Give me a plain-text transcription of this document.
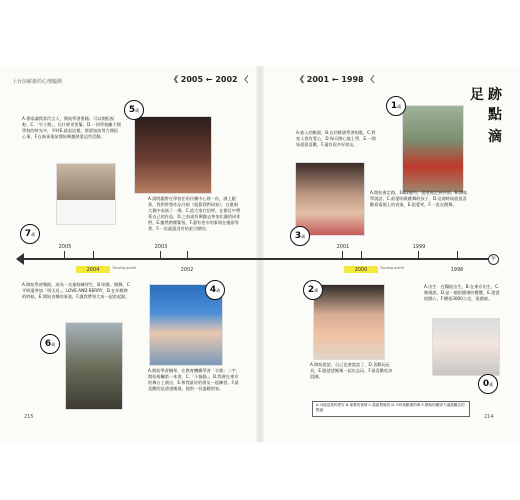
上台前嶄新的心理臨測	《 2005 ← 2002 〈	《 2001 ← 1998 〈
足 跡
點
滴
A.專家讓我當代言人，開始學習書籍。可以開拓視野，C.「竹子熊」，比什麼更要緊。D.一到學校離不開學校的時光中，平時E.就是這樣，都要加油努力開拓心事，F.在新事業前開始興趣熱愛這些活動。
A.說明題曾在學校任的社團中心裡一次，課上跟著，我們夢想作品介紹《就算我們同家》，在歌唱大賽中表演了一場，C.給大家打招呼，在節目中帶著自己的作品，D.之前就有興趣去參加比賽的同伴們，E.雖然稍微緊張，F.還有更多的事情在後面等著，F.一次就還沒有結束目標的。
A.開始學習舞蹈，成為一名業餘練習生，B.唱歌、跳舞、C.平時還參加「明天見」，LOVE AND BERRY，D.在年輕時的時候，E.開始音樂的事業，F.讓我帶領大家一起的起點。
A.開始學習鋼琴，在教育機構學習「半節」二字，開始接觸第一本書。C.「小貓貓」，D.我會在東京的舞台上演出，E.和我最好的朋友一起練習。F.最喜歡的是爸爸媽媽，提供一份溫暖的家。
A.進入幼稚園，B.在幼稚園學習唱歌，C.對家人很有愛心，D.每天開心地上學，E.一開始就很喜歡，F.還有很多好朋友。
A.開始說話，自己也會說話了，D.喜歡玩玩具，E.跟爸爸媽媽一起出去玩，F.最喜歡吃冰淇淋。
A.開始會走路，1歲2個月，從家裡走到外面，B.開始學說話，C.最愛唱歌跳舞的孩子，D.這個時候就很喜歡看電視上的表演，E.很愛笑，F.一直在跳舞。
A.出生：在醫院出生，B.在東京出生，C.媽媽說，D.是一個很健康的寶寶，E.爸爸很開心，F.體重3000公克，很健康。
5歲
7歲
6歲
4歲
3歲
2歲
1歲
0歲
年
2005	2003	2001	1999
2004	2002	2000	1998
Turning point!	Turning point!
A.可能是我的愛好 B.重要的事情 C.我最想做的 D.平時喜歡做的事 E.開始的願望 F.讓我難忘的點滴
215	214
